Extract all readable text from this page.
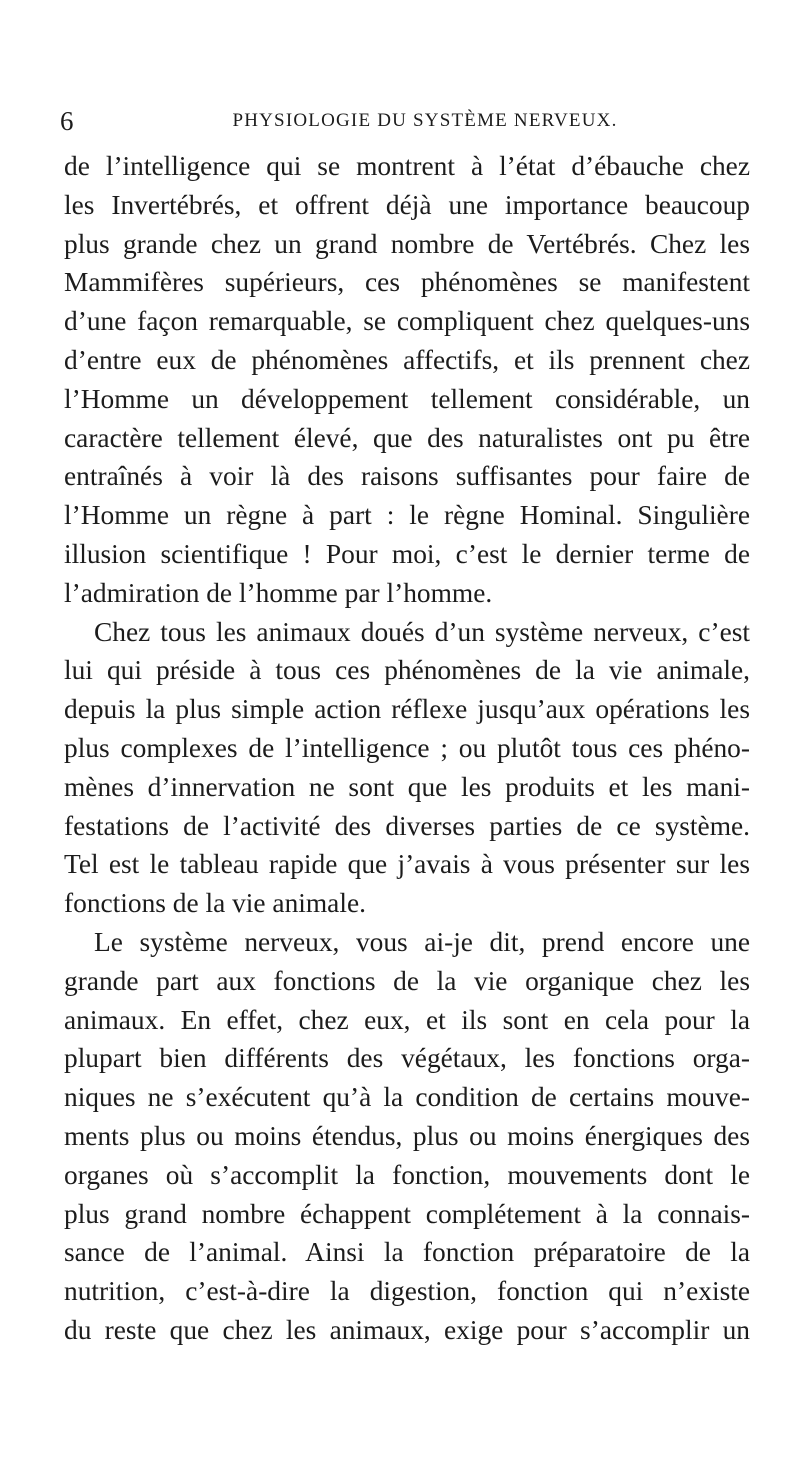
6	PHYSIOLOGIE DU SYSTÈME NERVEUX.
de l’intelligence qui se montrent à l’état d’ébauche chez
les Invertébrés, et offrent déjà une importance beaucoup
plus grande chez un grand nombre de Vertébrés. Chez les
Mammifères supérieurs, ces phénomènes se manifestent
d’une façon remarquable, se compliquent chez quelques-uns
d’entre eux de phénomènes affectifs, et ils prennent chez
l’Homme un développement tellement considérable, un
caractère tellement élevé, que des naturalistes ont pu être
entraînés à voir là des raisons suffisantes pour faire de
l’Homme un règne à part : le règne Hominal. Singulière
illusion scientifique ! Pour moi, c’est le dernier terme de
l’admiration de l’homme par l’homme.
Chez tous les animaux doués d’un système nerveux, c’est
lui qui préside à tous ces phénomènes de la vie animale,
depuis la plus simple action réflexe jusqu’aux opérations les
plus complexes de l’intelligence ; ou plutôt tous ces phéno-
mènes d’innervation ne sont que les produits et les mani-
festations de l’activité des diverses parties de ce système.
Tel est le tableau rapide que j’avais à vous présenter sur les
fonctions de la vie animale.
Le système nerveux, vous ai-je dit, prend encore une
grande part aux fonctions de la vie organique chez les
animaux. En effet, chez eux, et ils sont en cela pour la
plupart bien différents des végétaux, les fonctions orga-
niques ne s’exécutent qu’à la condition de certains mouve-
ments plus ou moins étendus, plus ou moins énergiques des
organes où s’accomplit la fonction, mouvements dont le
plus grand nombre échappent complétement à la connais-
sance de l’animal. Ainsi la fonction préparatoire de la
nutrition, c’est-à-dire la digestion, fonction qui n’existe
du reste que chez les animaux, exige pour s’accomplir un
